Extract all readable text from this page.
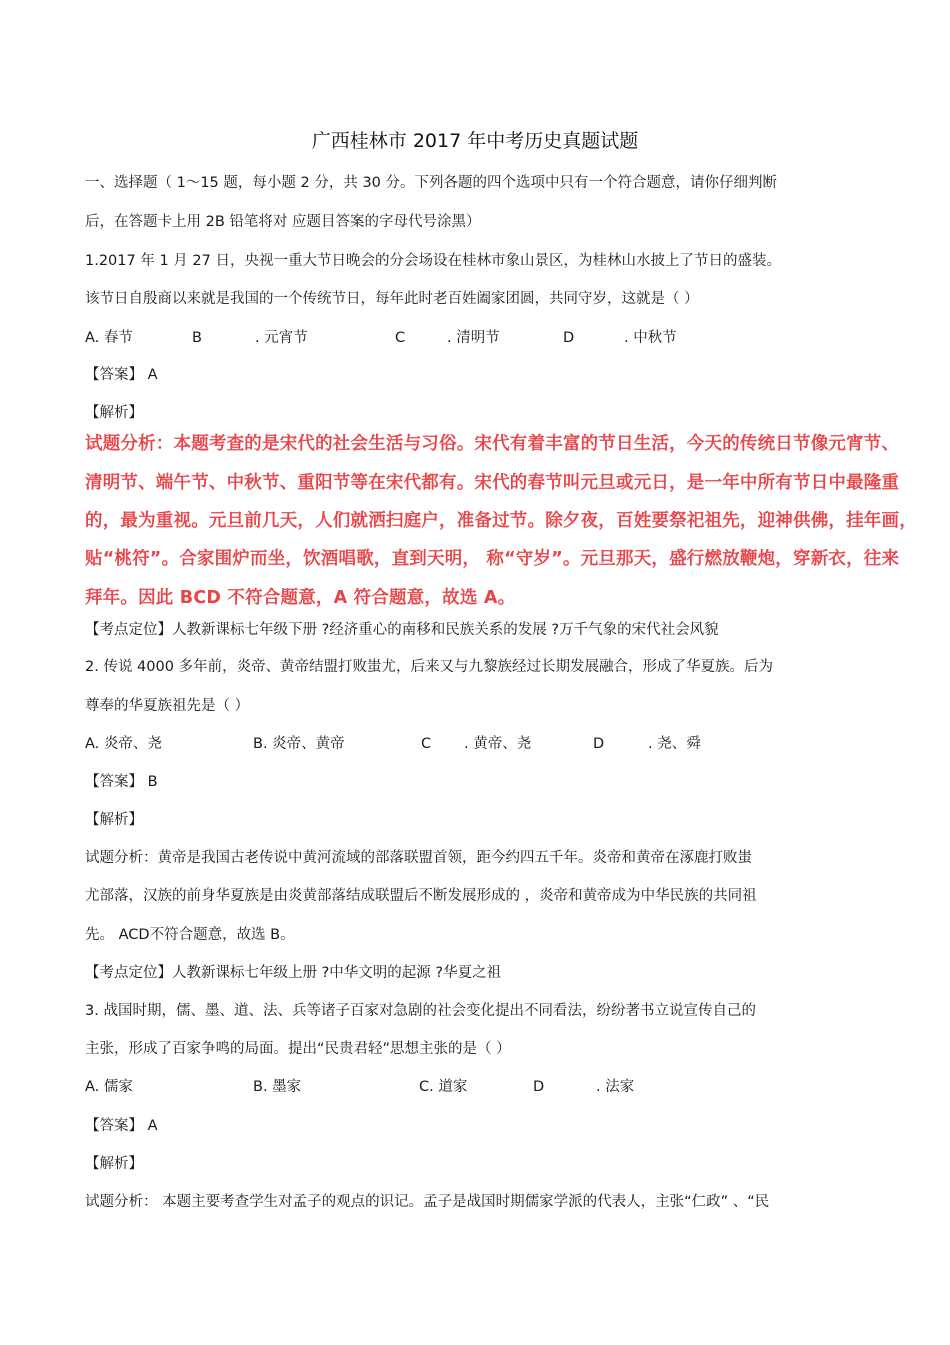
广西桂林市 2017 年中考历史真题试题
一、选择题（ 1～15 题，每小题 2 分，共 30 分。下列各题的四个选项中只有一个符合题意，请你仔细判断
后，在答题卡上用 2B 铅笔将对 应题目答案的字母代号涂黑）
1.2017 年 1 月 27 日，央视一重大节日晚会的分会场设在桂林市象山景区，为桂林山水披上了节日的盛装。
该节日自殷商以来就是我国的一个传统节日，每年此时老百姓阖家团圆，共同守岁，这就是（ ）
A. 春节	B	. 元宵节	C	. 清明节	D	. 中秋节
【答案】 A
【解析】
试题分析：本题考查的是宋代的社会生活与习俗。宋代有着丰富的节日生活，今天的传统日节像元宵节、
清明节、端午节、中秋节、重阳节等在宋代都有。宋代的春节叫元旦或元日，是一年中所有节日中最隆重
的，最为重视。元旦前几天，人们就洒扫庭户，准备过节。除夕夜，百姓要祭祀祖先，迎神供佛，挂年画，
贴“桃符”。合家围炉而坐，饮酒唱歌，直到天明， 称“守岁”。元旦那天，盛行燃放鞭炮，穿新衣，往来
拜年。因此 BCD 不符合题意，A 符合题意，故选 A。
【考点定位】人教新课标七年级下册 ?经济重心的南移和民族关系的发展 ?万千气象的宋代社会风貌
2. 传说 4000 多年前，炎帝、黄帝结盟打败蚩尤，后来又与九黎族经过长期发展融合，形成了华夏族。后为
尊奉的华夏族祖先是（ ）
A. 炎帝、尧	B. 炎帝、黄帝	C . 黄帝、尧	D	. 尧、舜
【答案】 B
【解析】
试题分析：黄帝是我国古老传说中黄河流域的部落联盟首领，距今约四五千年。炎帝和黄帝在涿鹿打败蚩
尤部落，汉族的前身华夏族是由炎黄部落结成联盟后不断发展形成的 ，炎帝和黄帝成为中华民族的共同祖
先。 ACD不符合题意，故选 B。
【考点定位】人教新课标七年级上册 ?中华文明的起源 ?华夏之祖
3. 战国时期，儒、墨、道、法、兵等诸子百家对急剧的社会变化提出不同看法，纷纷著书立说宣传自己的
主张，形成了百家争鸣的局面。提出“民贵君轻”思想主张的是（ ）
A. 儒家	B. 墨家	C. 道家	D	. 法家
【答案】 A
【解析】
试题分析： 本题主要考查学生对孟子的观点的识记。孟子是战国时期儒家学派的代表人，主张“仁政” 、“民
